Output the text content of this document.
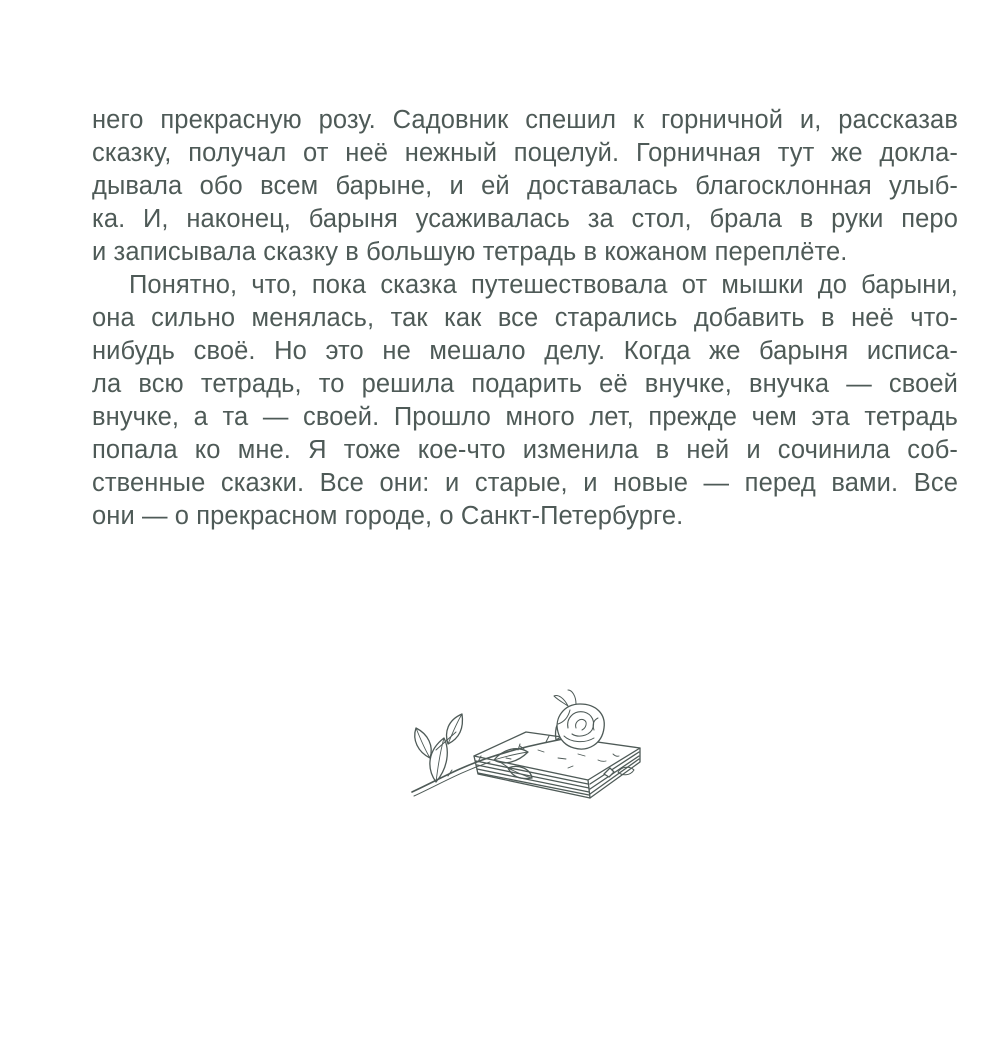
него прекрасную розу. Садовник спешил к горничной и, рассказав
сказку, получал от неё нежный поцелуй. Горничная тут же докла-
дывала обо всем барыне, и ей доставалась благосклонная улыб-
ка. И, наконец, барыня усаживалась за стол, брала в руки перо
и записывала сказку в большую тетрадь в кожаном переплёте.
Понятно, что, пока сказка путешествовала от мышки до барыни,
она сильно менялась, так как все старались добавить в неё что-
нибудь своё. Но это не мешало делу. Когда же барыня исписа-
ла всю тетрадь, то решила подарить её внучке, внучка — своей
внучке, а та — своей. Прошло много лет, прежде чем эта тетрадь
попала ко мне. Я тоже кое-что изменила в ней и сочинила соб-
ственные сказки. Все они: и старые, и новые — перед вами. Все
они — о прекрасном городе, о Санкт-Петербурге.
